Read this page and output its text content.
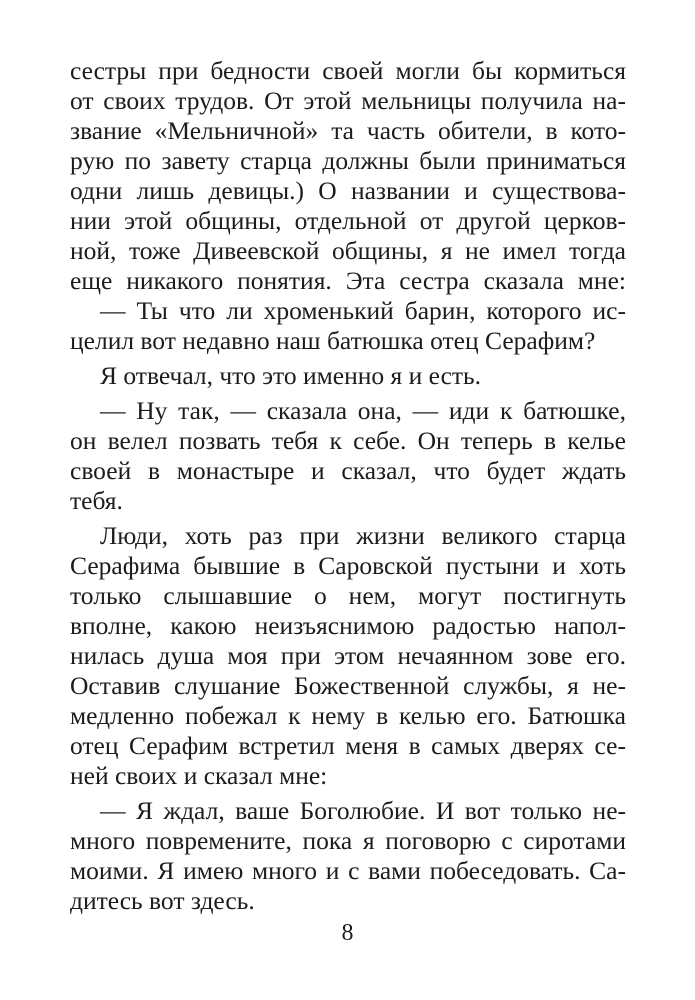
сестры при бедности своей могли бы кормиться
от своих трудов. От этой мельницы получила на-
звание «Мельничной» та часть обители, в кото-
рую по завету старца должны были приниматься
одни лишь девицы.) О названии и существова-
нии этой общины, отдельной от другой церков-
ной, тоже Дивеевской общины, я не имел тогда
еще никакого понятия. Эта сестра сказала мне:
— Ты что ли хроменький барин, которого ис-
целил вот недавно наш батюшка отец Серафим?
Я отвечал, что это именно я и есть.
— Ну так, — сказала она, — иди к батюшке,
он велел позвать тебя к себе. Он теперь в келье
своей в монастыре и сказал, что будет ждать
тебя.
Люди, хоть раз при жизни великого старца
Серафима бывшие в Саровской пустыни и хоть
только слышавшие о нем, могут постигнуть
вполне, какою неизъяснимою радостью напол-
нилась душа моя при этом нечаянном зове его.
Оставив слушание Божественной службы, я не-
медленно побежал к нему в келью его. Батюшка
отец Серафим встретил меня в самых дверях се-
ней своих и сказал мне:
— Я ждал, ваше Боголюбие. И вот только не-
много повремените, пока я поговорю с сиротами
моими. Я имею много и с вами побеседовать. Са-
дитесь вот здесь.
8
